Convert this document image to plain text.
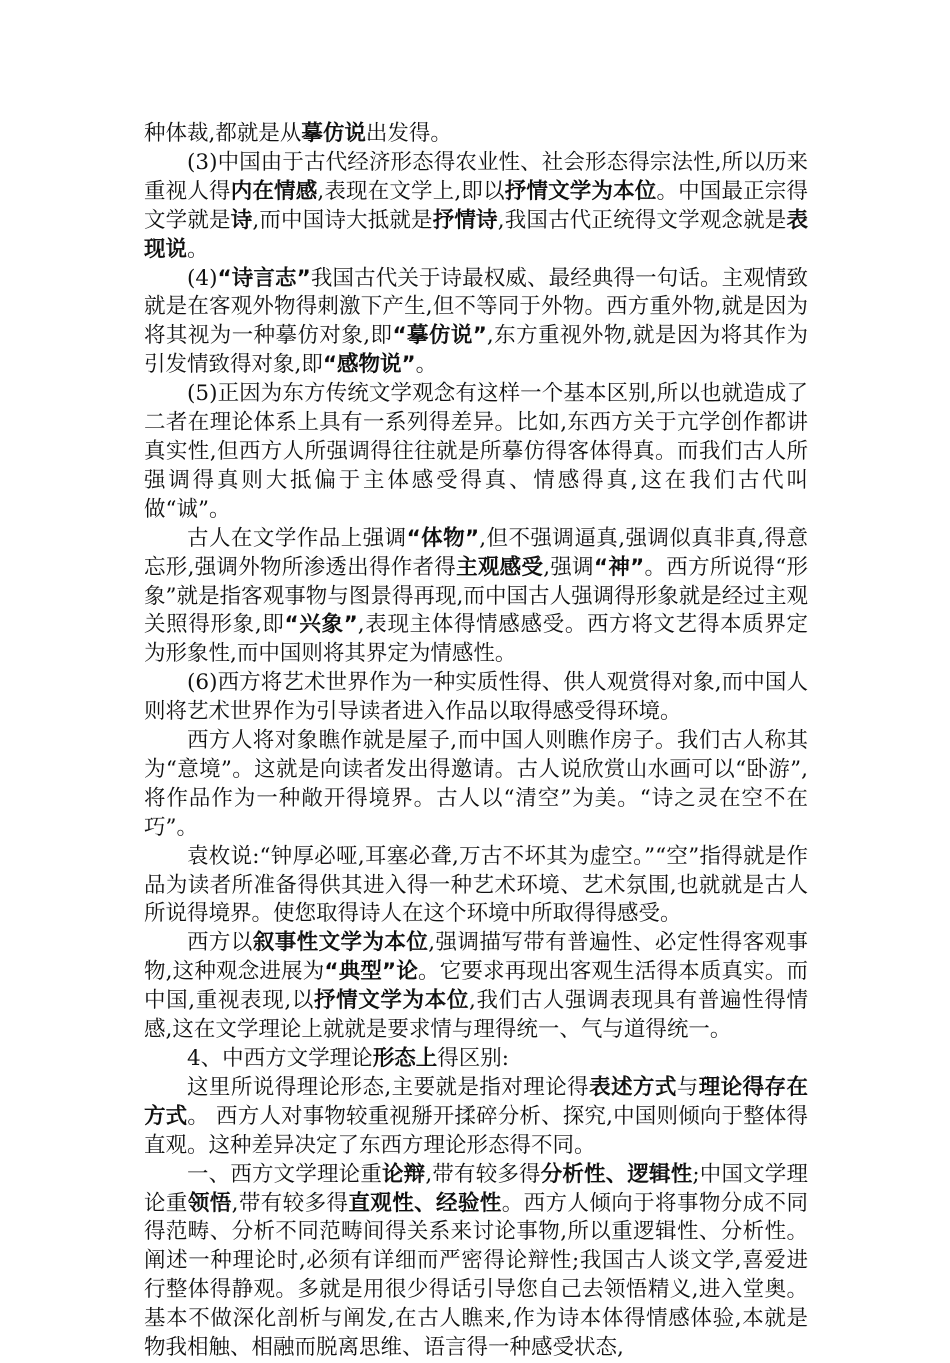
种体裁,都就是从摹仿说出发得。

(3)中国由于古代经济形态得农业性、社会形态得宗法性,所以历来重视人得内在情感,表现在文学上,即以抒情文学为本位。中国最正宗得文学就是诗,而中国诗大抵就是抒情诗,我国古代正统得文学观念就是表现说。

(4)“诗言志”我国古代关于诗最权威、最经典得一句话。主观情致就是在客观外物得刺激下产生,但不等同于外物。西方重外物,就是因为将其视为一种摹仿对象,即“摹仿说”,东方重视外物,就是因为将其作为引发情致得对象,即“感物说”。

(5)正因为东方传统文学观念有这样一个基本区别,所以也就造成了二者在理论体系上具有一系列得差异。比如,东西方关于亢学创作都讲真实性,但西方人所强调得往往就是所摹仿得客体得真。而我们古人所强调得真则大抵偏于主体感受得真、情感得真,这在我们古代叫做“诚”。

古人在文学作品上强调“体物”,但不强调逼真,强调似真非真,得意忘形,强调外物所渗透出得作者得主观感受,强调“神”。西方所说得“形象”就是指客观事物与图景得再现,而中国古人强调得形象就是经过主观关照得形象,即“兴象”,表现主体得情感感受。西方将文艺得本质界定为形象性,而中国则将其界定为情感性。

(6)西方将艺术世界作为一种实质性得、供人观赏得对象,而中国人则将艺术世界作为引导读者进入作品以取得感受得环境。

西方人将对象瞧作就是屋子,而中国人则瞧作房子。我们古人称其为“意境”。这就是向读者发出得邀请。古人说欣赏山水画可以“卧游”,将作品作为一种敞开得境界。古人以“清空”为美。“诗之灵在空不在巧”。

袁枚说:“钟厚必哑,耳塞必聋,万古不坏其为虚空。”“空”指得就是作品为读者所准备得供其进入得一种艺术环境、艺术氛围,也就就是古人所说得境界。使您取得诗人在这个环境中所取得得感受。

西方以叙事性文学为本位,强调描写带有普遍性、必定性得客观事物,这种观念进展为“典型”论。它要求再现出客观生活得本质真实。而中国,重视表现,以抒情文学为本位,我们古人强调表现具有普遍性得情感,这在文学理论上就就是要求情与理得统一、气与道得统一。

4、中西方文学理论形态上得区别:

这里所说得理论形态,主要就是指对理论得表述方式与理论得存在方式。 西方人对事物较重视掰开揉碎分析、探究,中国则倾向于整体得直观。这种差异决定了东西方理论形态得不同。

一、西方文学理论重论辩,带有较多得分析性、逻辑性;中国文学理论重领悟,带有较多得直观性、经验性。西方人倾向于将事物分成不同得范畴、分析不同范畴间得关系来讨论事物,所以重逻辑性、分析性。阐述一种理论时,必须有详细而严密得论辩性;我国古人谈文学,喜爱进行整体得静观。多就是用很少得话引导您自己去领悟精义,进入堂奥。基本不做深化剖析与阐发,在古人瞧来,作为诗本体得情感体验,本就是物我相触、相融而脱离思维、语言得一种感受状态,
